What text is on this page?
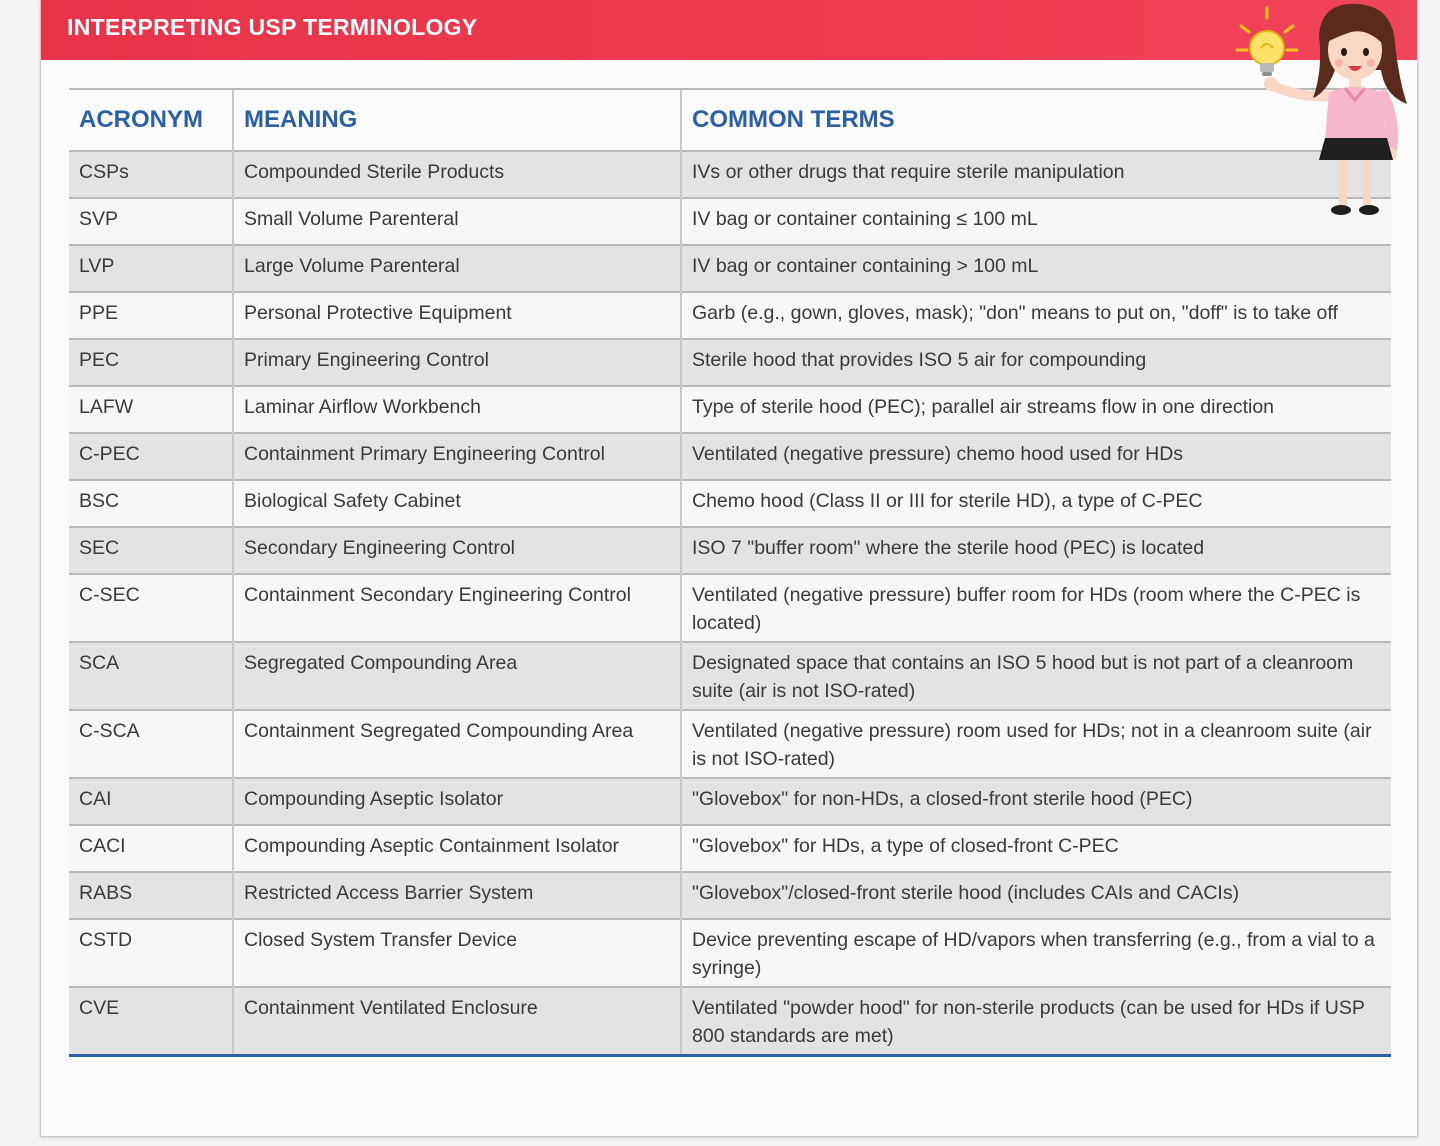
INTERPRETING USP TERMINOLOGY
ACRONYM	MEANING	COMMON TERMS
CSPs	Compounded Sterile Products	IVs or other drugs that require sterile manipulation
SVP	Small Volume Parenteral	IV bag or container containing ≤ 100 mL
LVP	Large Volume Parenteral	IV bag or container containing > 100 mL
PPE	Personal Protective Equipment	Garb (e.g., gown, gloves, mask); "don" means to put on, "doff" is to take off
PEC	Primary Engineering Control	Sterile hood that provides ISO 5 air for compounding
LAFW	Laminar Airflow Workbench	Type of sterile hood (PEC); parallel air streams flow in one direction
C-PEC	Containment Primary Engineering Control	Ventilated (negative pressure) chemo hood used for HDs
BSC	Biological Safety Cabinet	Chemo hood (Class II or III for sterile HD), a type of C-PEC
SEC	Secondary Engineering Control	ISO 7 "buffer room" where the sterile hood (PEC) is located
C-SEC	Containment Secondary Engineering Control	Ventilated (negative pressure) buffer room for HDs (room where the C-PEC is located)
SCA	Segregated Compounding Area	Designated space that contains an ISO 5 hood but is not part of a cleanroom suite (air is not ISO-rated)
C-SCA	Containment Segregated Compounding Area	Ventilated (negative pressure) room used for HDs; not in a cleanroom suite (air is not ISO-rated)
CAI	Compounding Aseptic Isolator	"Glovebox" for non-HDs, a closed-front sterile hood (PEC)
CACI	Compounding Aseptic Containment Isolator	"Glovebox" for HDs, a type of closed-front C-PEC
RABS	Restricted Access Barrier System	"Glovebox"/closed-front sterile hood (includes CAIs and CACIs)
CSTD	Closed System Transfer Device	Device preventing escape of HD/vapors when transferring (e.g., from a vial to a syringe)
CVE	Containment Ventilated Enclosure	Ventilated "powder hood" for non-sterile products (can be used for HDs if USP 800 standards are met)
